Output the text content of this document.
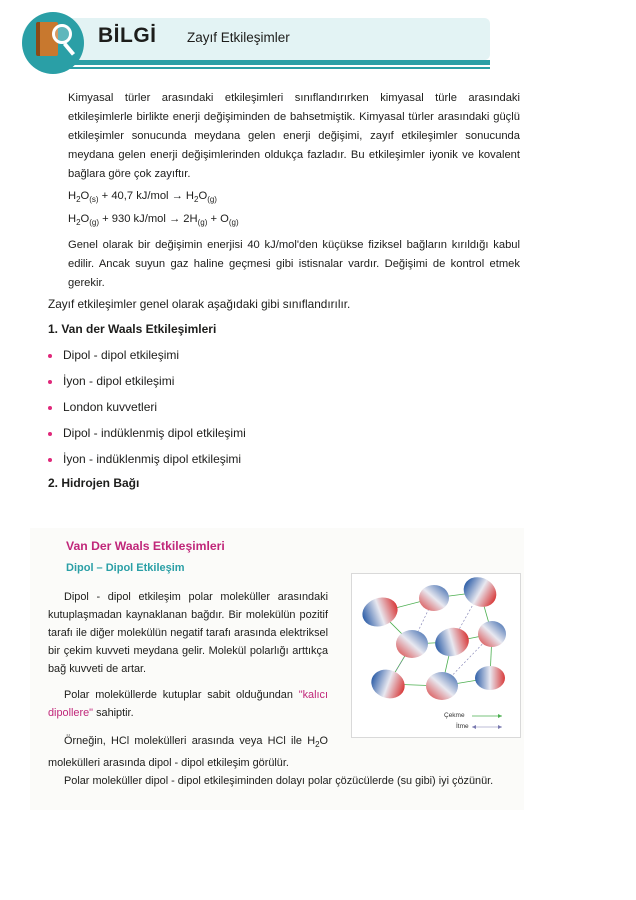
BİLGİ Zayıf Etkileşimler

Kimyasal türler arasındaki etkileşimleri sınıflandırırken kimyasal türle arasındaki etkileşimlerle birlikte enerji değişiminden de bahsetmiştik. Kimyasal türler arasındaki güçlü etkileşimler sonucunda meydana gelen enerji değişimi, zayıf etkileşimler sonucunda meydana gelen enerji değişimlerinden oldukça fazladır. Bu etkileşimler iyonik ve kovalent bağlara göre çok zayıftır.

$H_2O_{(s)} + 40,7$ $kJ/mol \to H_2O_{(g)}$
$H_2O_{(g)} + 930$ $kJ/mol \to 2H_{(g)} + O_{(g)}$

Genel olarak bir değişimin enerjisi 40 kJ/mol'den küçükse fiziksel bağların kırıldığı kabul edilir. Ancak suyun gaz haline geçmesi gibi istisnalar vardır. Değişimi de kontrol etmek gerekir.

Zayıf etkileşimler genel olarak aşağıdaki gibi sınıflandırılır.
1. Van der Waals Etkileşimleri
Dipol - dipol etkileşimi
İyon - dipol etkileşimi
London kuvvetleri
Dipol - indüklenmiş dipol etkileşimi
İyon - indüklenmiş dipol etkileşimi
2. Hidrojen Bağı
Van Der Waals Etkileşimleri
Dipol – Dipol Etkileşim

Dipol - dipol etkileşim polar moleküller arasındaki kutuplaşmadan kaynaklanan bağdır. Bir molekülün pozitif tarafı ile diğer molekülün negatif tarafı arasında elektriksel bir çekim kuvveti meydana gelir. Molekül polarlığı arttıkça bağ kuvveti de artar.

Polar moleküllerde kutuplar sabit olduğundan "kalıcı dipollere" sahiptir.

Örneğin, HCl molekülleri arasında veya HCl ile $H_2O$ molekülleri arasında dipol - dipol etkileşim görülür.

Polar moleküller dipol - dipol etkileşiminden dolayı polar çözücülerde (su gibi) iyi çözünür.

Çekme
İtme
